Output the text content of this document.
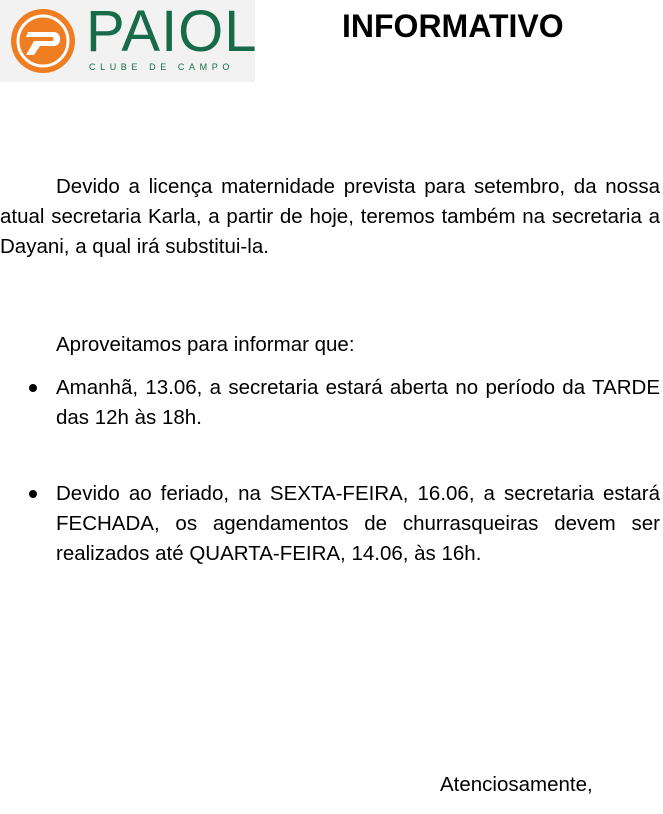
PAIOL
CLUBE DE CAMPO
INFORMATIVO

Devido a licença maternidade prevista para setembro, da nossa atual secretaria Karla, a partir de hoje, teremos também na secretaria a Dayani, a qual irá substitui-la.

Aproveitamos para informar que:

Amanhã, 13.06, a secretaria estará aberta no período da TARDE das 12h às 18h.
Devido ao feriado, na SEXTA-FEIRA, 16.06, a secretaria estará FECHADA, os agendamentos de churrasqueiras devem ser realizados até QUARTA-FEIRA, 14.06, às 16h.
Atenciosamente,
